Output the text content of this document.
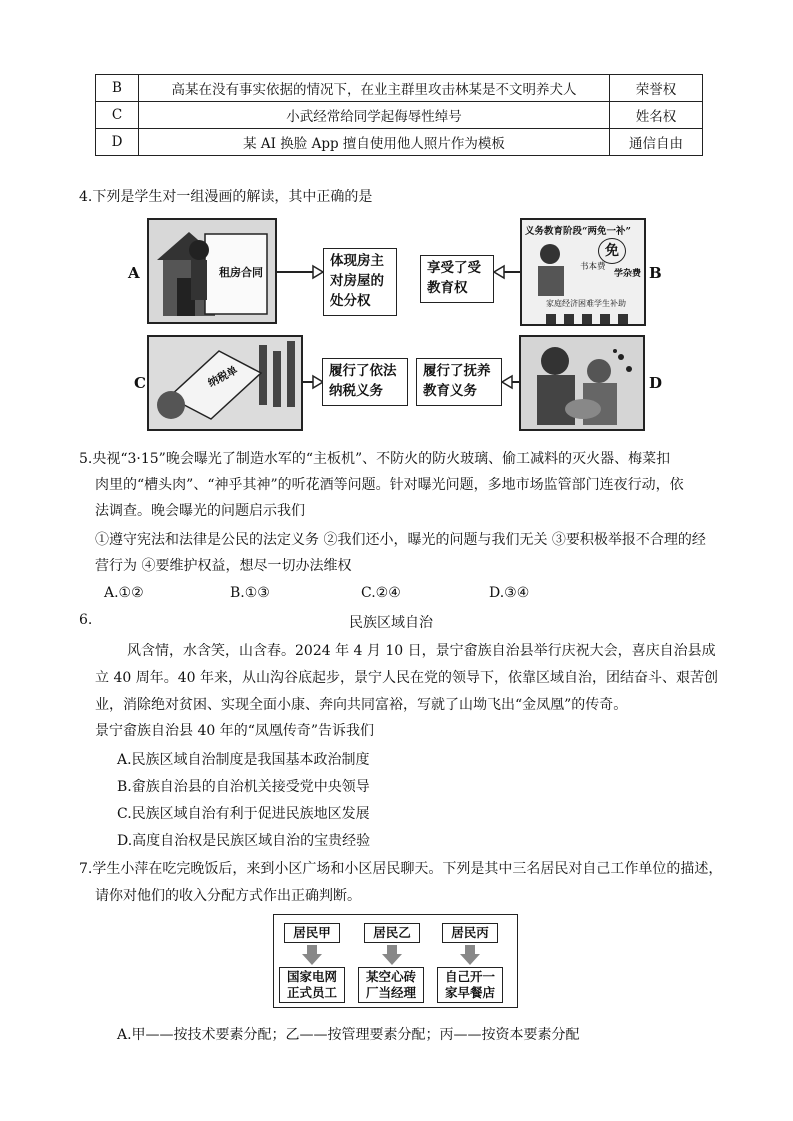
B	高某在没有事实依据的情况下，在业主群里攻击林某是不文明养犬人	荣誉权
C	小武经常给同学起侮辱性绰号	姓名权
D	某 AI 换脸 App 擅自使用他人照片作为模板	通信自由
4.下列是学生对一组漫画的解读，其中正确的是
A	租房合同
体现房主对房屋的处分权
享受了受教育权
义务教育阶段“两免一补”
免
学杂费
书本费
家庭经济困难学生补助
B
C	纳税单	履行了依法纳税义务
履行了抚养教育义务	D
5.央视“3·15”晚会曝光了制造水军的“主板机”、不防火的防火玻璃、偷工减料的灭火器、梅菜扣
肉里的“槽头肉”、“神乎其神”的听花酒等问题。针对曝光问题，多地市场监管部门连夜行动，依
法调查。晚会曝光的问题启示我们
①遵守宪法和法律是公民的法定义务 ②我们还小，曝光的问题与我们无关 ③要积极举报不合理的经
营行为 ④要维护权益，想尽一切办法维权
A.①②	B.①③	C.②④	D.③④
6.	民族区域自治
风含情，水含笑，山含春。2024 年 4 月 10 日，景宁畲族自治县举行庆祝大会，喜庆自治县成
立 40 周年。40 年来，从山沟谷底起步，景宁人民在党的领导下，依靠区域自治，团结奋斗、艰苦创
业，消除绝对贫困、实现全面小康、奔向共同富裕，写就了山坳飞出“金凤凰”的传奇。
景宁畲族自治县 40 年的“凤凰传奇”告诉我们
A.民族区域自治制度是我国基本政治制度
B.畲族自治县的自治机关接受党中央领导
C.民族区域自治有利于促进民族地区发展
D.高度自治权是民族区域自治的宝贵经验
7.学生小萍在吃完晚饭后，来到小区广场和小区居民聊天。下列是其中三名居民对自己工作单位的描述，
请你对他们的收入分配方式作出正确判断。
居民甲	居民乙	居民丙
国家电网正式员工
某空心砖厂当经理
自己开一家早餐店
A.甲——按技术要素分配；乙——按管理要素分配；丙——按资本要素分配
